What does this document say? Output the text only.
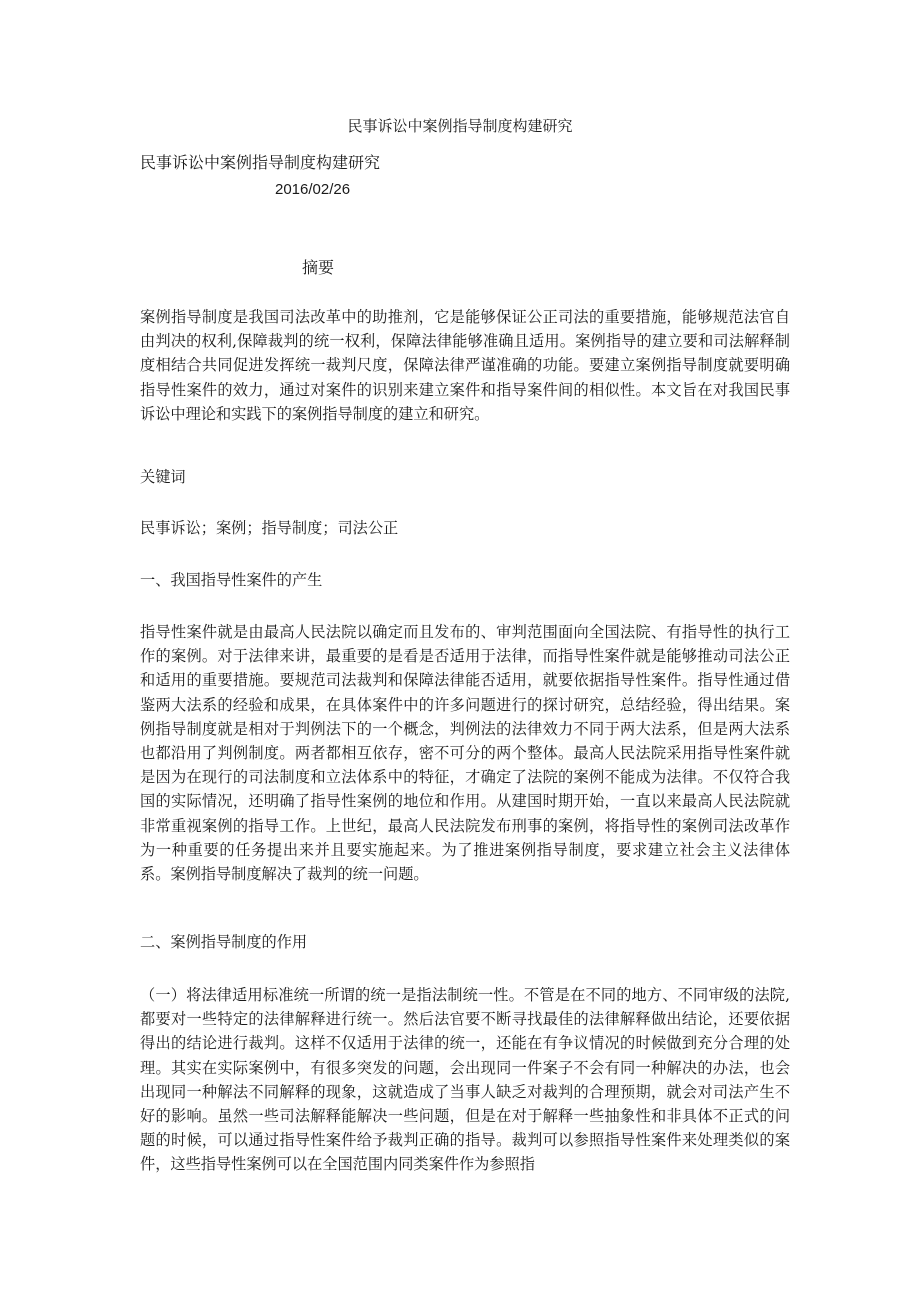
民事诉讼中案例指导制度构建研究
民事诉讼中案例指导制度构建研究
2016/02/26
摘要

案例指导制度是我国司法改革中的助推剂，它是能够保证公正司法的重要措施，能够规范法官自由判决的权利,保障裁判的统一权利，保障法律能够准确且适用。案例指导的建立要和司法解释制度相结合共同促进发挥统一裁判尺度，保障法律严谨准确的功能。要建立案例指导制度就要明确指导性案件的效力，通过对案件的识别来建立案件和指导案件间的相似性。本文旨在对我国民事诉讼中理论和实践下的案例指导制度的建立和研究。

关键词
民事诉讼；案例；指导制度；司法公正
一、我国指导性案件的产生

指导性案件就是由最高人民法院以确定而且发布的、审判范围面向全国法院、有指导性的执行工作的案例。对于法律来讲，最重要的是看是否适用于法律，而指导性案件就是能够推动司法公正和适用的重要措施。要规范司法裁判和保障法律能否适用，就要依据指导性案件。指导性通过借鉴两大法系的经验和成果，在具体案件中的许多问题进行的探讨研究，总结经验，得出结果。案例指导制度就是相对于判例法下的一个概念，判例法的法律效力不同于两大法系，但是两大法系也都沿用了判例制度。两者都相互依存，密不可分的两个整体。最高人民法院采用指导性案件就是因为在现行的司法制度和立法体系中的特征，才确定了法院的案例不能成为法律。不仅符合我国的实际情况，还明确了指导性案例的地位和作用。从建国时期开始，一直以来最高人民法院就非常重视案例的指导工作。上世纪，最高人民法院发布刑事的案例，将指导性的案例司法改革作为一种重要的任务提出来并且要实施起来。为了推进案例指导制度，要求建立社会主义法律体系。案例指导制度解决了裁判的统一问题。

二、案例指导制度的作用

（一）将法律适用标准统一所谓的统一是指法制统一性。不管是在不同的地方、不同审级的法院,都要对一些特定的法律解释进行统一。然后法官要不断寻找最佳的法律解释做出结论，还要依据得出的结论进行裁判。这样不仅适用于法律的统一，还能在有争议情况的时候做到充分合理的处理。其实在实际案例中，有很多突发的问题，会出现同一件案子不会有同一种解决的办法，也会出现同一种解法不同解释的现象，这就造成了当事人缺乏对裁判的合理预期，就会对司法产生不好的影响。虽然一些司法解释能解决一些问题，但是在对于解释一些抽象性和非具体不正式的问题的时候，可以通过指导性案件给予裁判正确的指导。裁判可以参照指导性案件来处理类似的案件，这些指导性案例可以在全国范围内同类案件作为参照指
